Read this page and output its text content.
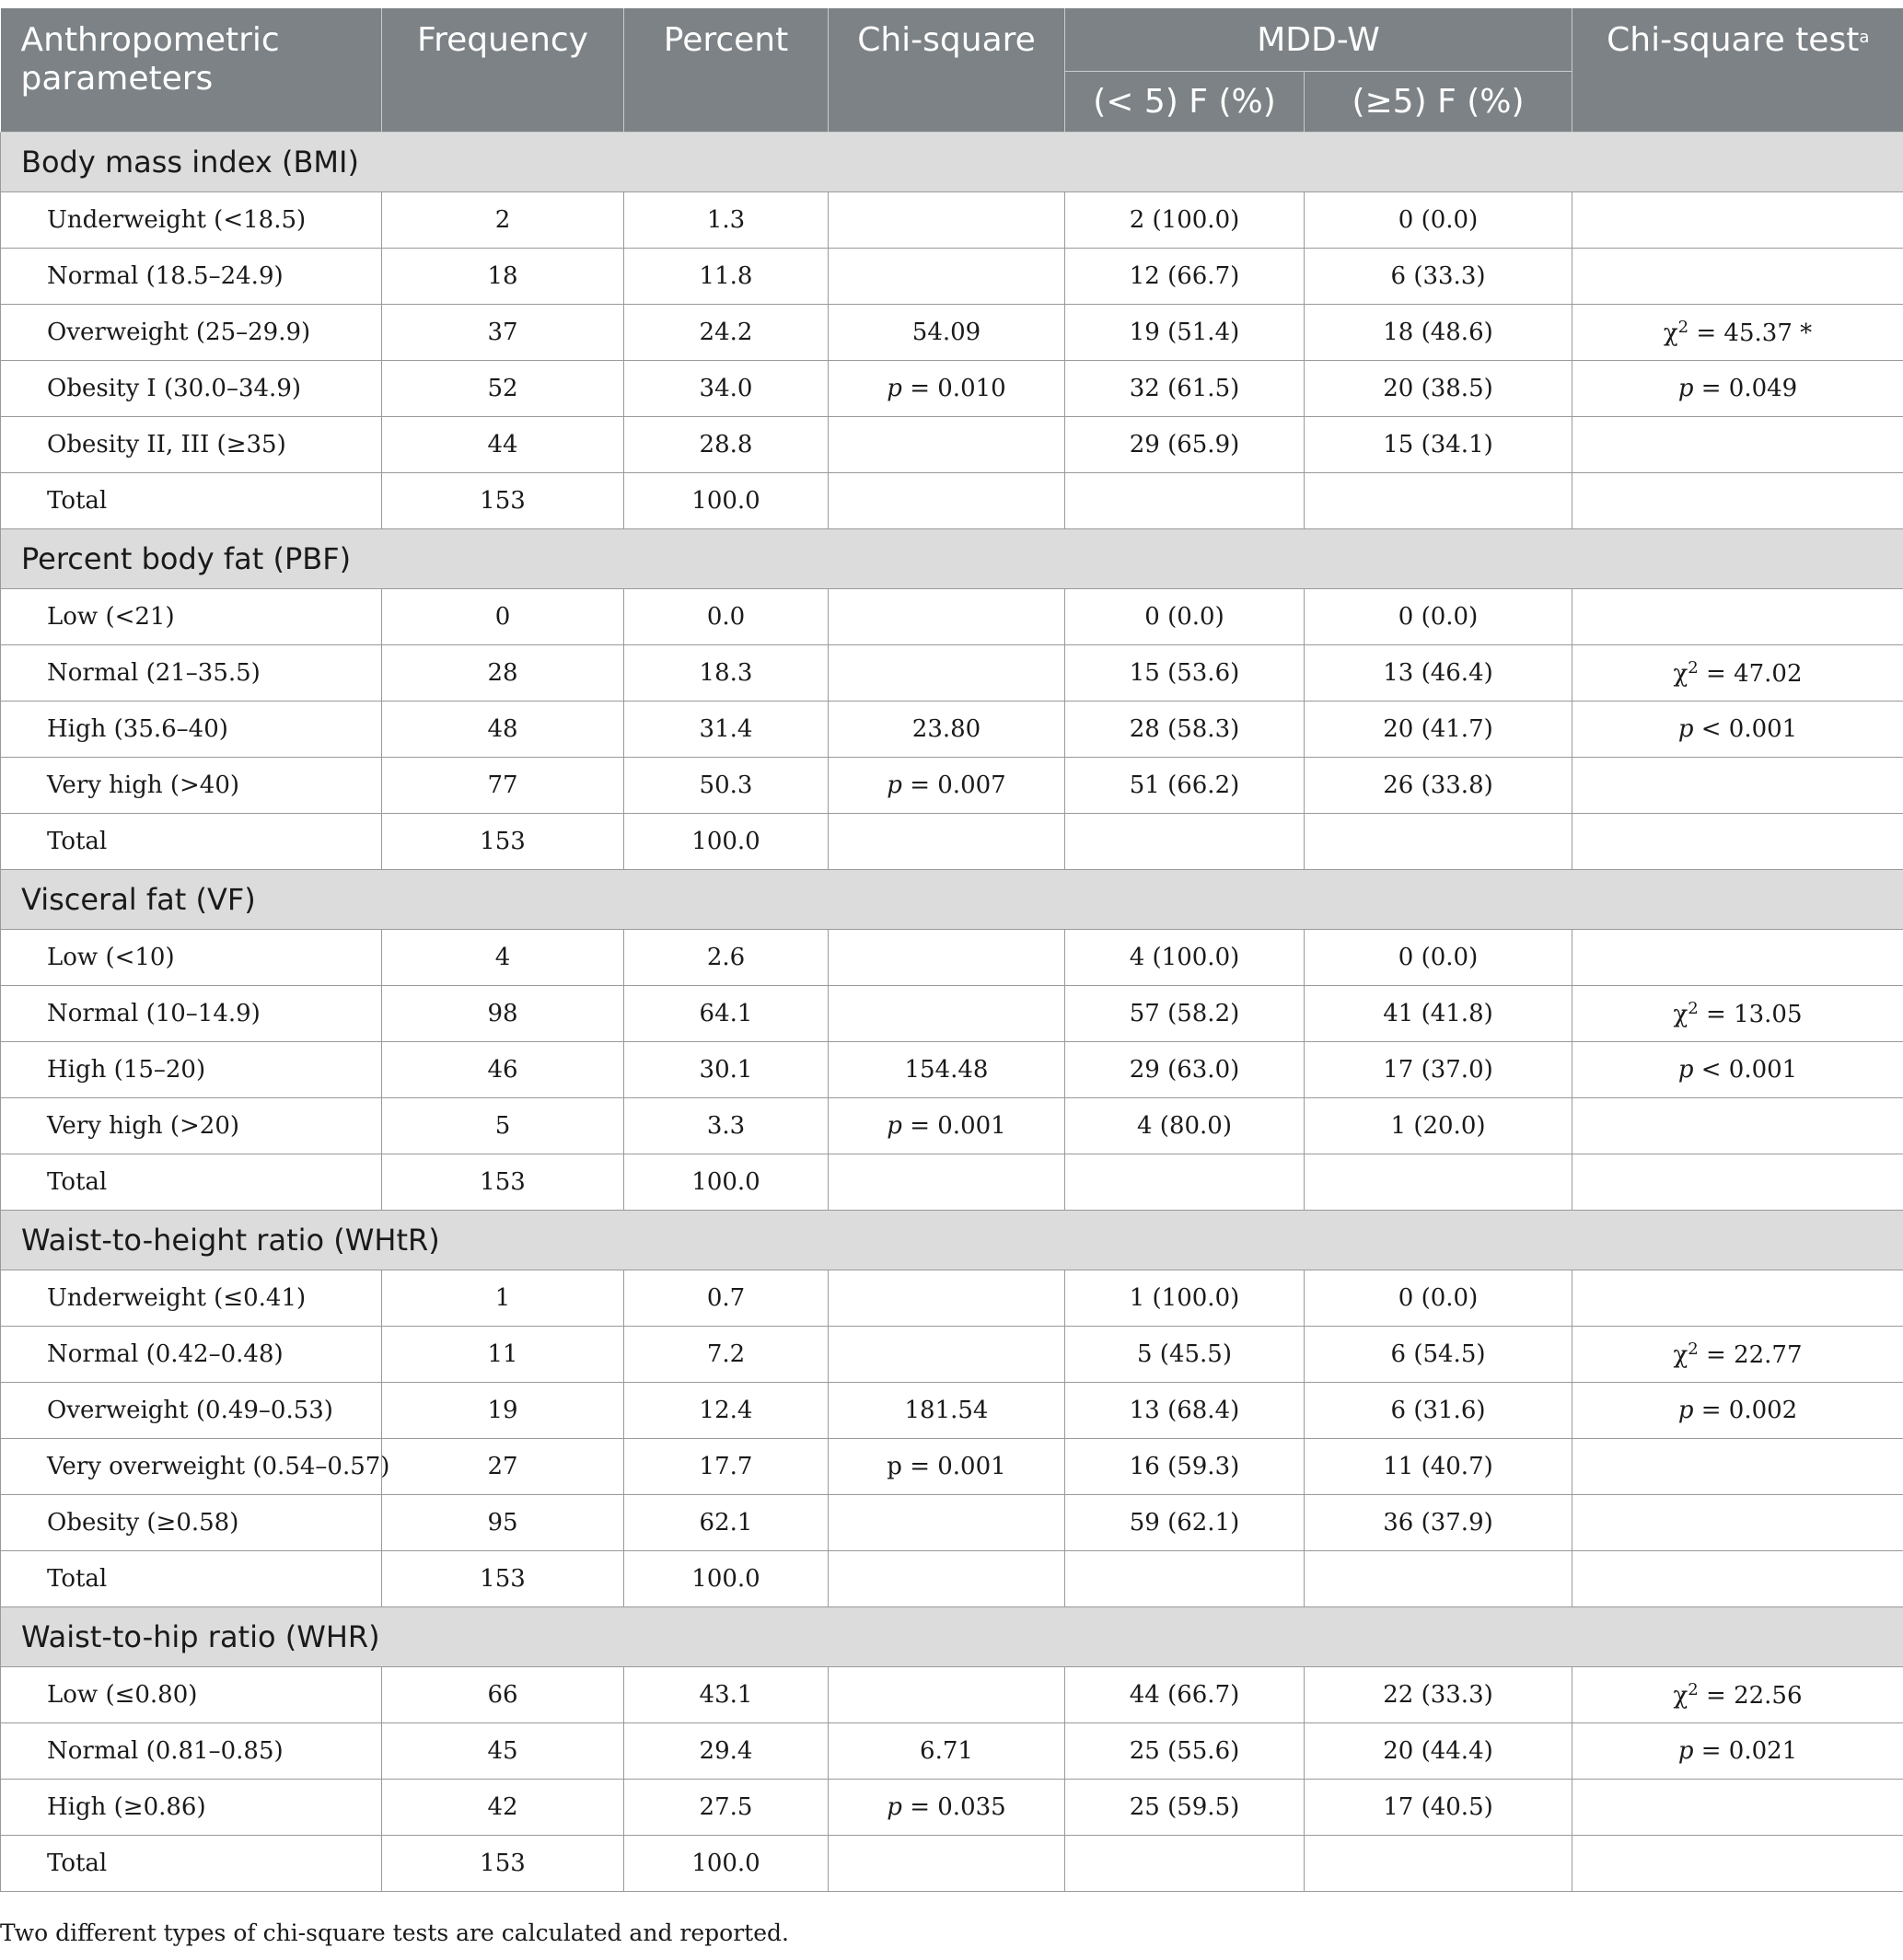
Anthropometric parameters	Frequency	Percent	Chi-square	MDD-W		Chi-square test$^a$
				(< 5) F (%)	(≥5) F (%)	
Body mass index (BMI)						
Underweight (<18.5)	2	1.3		2 (100.0)	0 (0.0)	
Normal (18.5–24.9)	18	11.8		12 (66.7)	6 (33.3)	
Overweight (25–29.9)	37	24.2	54.09	19 (51.4)	18 (48.6)	$\chi^2 = 45.37$ *
Obesity I (30.0–34.9)	52	34.0	p = 0.010	32 (61.5)	20 (38.5)	p = 0.049
Obesity II, III (≥35)	44	28.8		29 (65.9)	15 (34.1)	
Total	153	100.0				
Percent body fat (PBF)						
Low (<21)	0	0.0		0 (0.0)	0 (0.0)	
Normal (21–35.5)	28	18.3		15 (53.6)	13 (46.4)	$\chi^2 = 47.02$
High (35.6–40)	48	31.4	23.80	28 (58.3)	20 (41.7)	p < 0.001
Very high (>40)	77	50.3	p = 0.007	51 (66.2)	26 (33.8)	
Total	153	100.0				
Visceral fat (VF)						
Low (<10)	4	2.6		4 (100.0)	0 (0.0)	
Normal (10–14.9)	98	64.1		57 (58.2)	41 (41.8)	$\chi^2 = 13.05$
High (15–20)	46	30.1	154.48	29 (63.0)	17 (37.0)	p < 0.001
Very high (>20)	5	3.3	p = 0.001	4 (80.0)	1 (20.0)	
Total	153	100.0				
Waist-to-height ratio (WHtR)						
Underweight (≤0.41)	1	0.7		1 (100.0)	0 (0.0)	
Normal (0.42–0.48)	11	7.2		5 (45.5)	6 (54.5)	$\chi^2 = 22.77$
Overweight (0.49–0.53)	19	12.4	181.54	13 (68.4)	6 (31.6)	p = 0.002
Very overweight (0.54–0.57)	27	17.7	p = 0.001	16 (59.3)	11 (40.7)	
Obesity (≥0.58)	95	62.1		59 (62.1)	36 (37.9)	
Total	153	100.0				
Waist-to-hip ratio (WHR)						
Low (≤0.80)	66	43.1		44 (66.7)	22 (33.3)	$\chi^2 = 22.56$
Normal (0.81–0.85)	45	29.4	6.71	25 (55.6)	20 (44.4)	p = 0.021
High (≥0.86)	42	27.5	p = 0.035	25 (59.5)	17 (40.5)	
Total	153	100.0				
Two different types of chi-square tests are calculated and reported.
